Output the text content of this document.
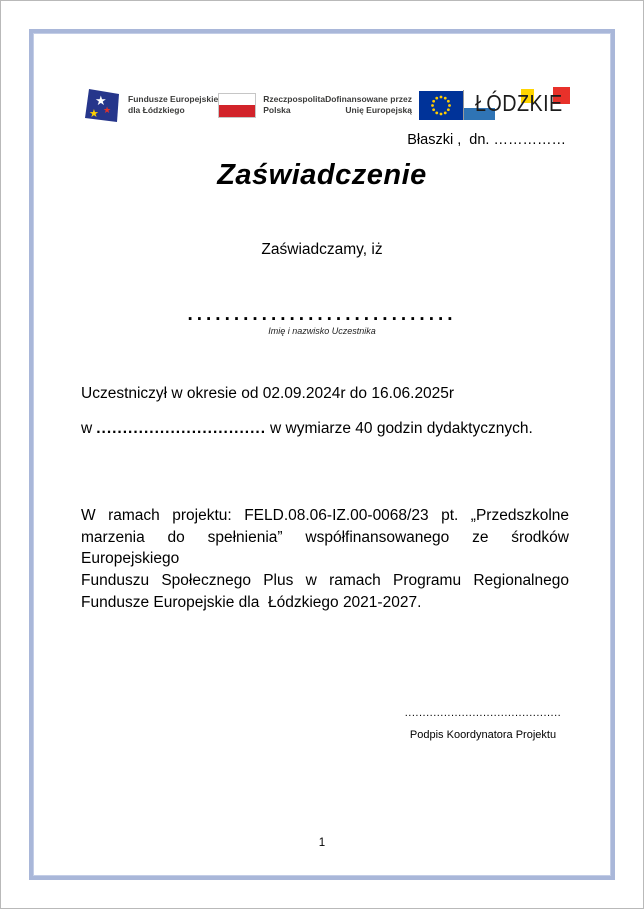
★
★
★
Fundusze Europejskie
dla Łódzkiego
Rzeczpospolita
Polska
Dofinansowane przez
Unię Europejską	ŁÓDZKIE
Błaszki ,  dn. ……………
Zaświadczenie
Zaświadczamy, iż
.............................
Imię i nazwisko Uczestnika
Uczestniczył w okresie od 02.09.2024r do 16.06.2025r
w ................................ w wymiarze 40 godzin dydaktycznych.
W ramach projektu: FELD.08.06-IZ.00-0068/23 pt. „Przedszkolne
marzenia do spełnienia” współfinansowanego ze środków Europejskiego
Funduszu Społecznego Plus w ramach Programu Regionalnego
Fundusze Europejskie dla  Łódzkiego 2021-2027.
............................................
Podpis Koordynatora Projektu
1
